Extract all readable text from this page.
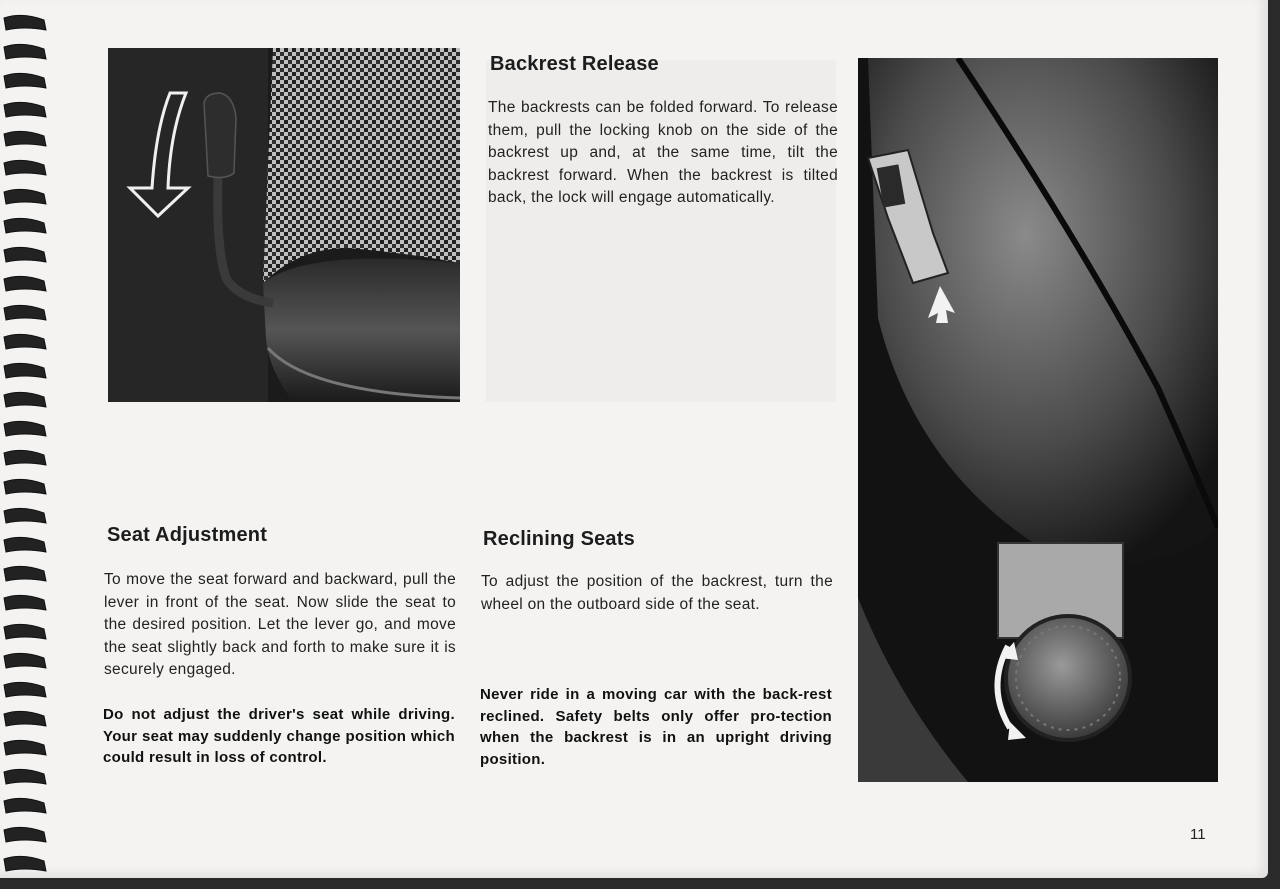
Backrest Release

The backrests can be folded forward. To release them, pull the locking knob on the side of the backrest up and, at the same time, tilt the backrest forward. When the backrest is tilted back, the lock will engage automatically.

Seat Adjustment

To move the seat forward and backward, pull the lever in front of the seat. Now slide the seat to the desired position. Let the lever go, and move the seat slightly back and forth to make sure it is securely engaged.

Do not adjust the driver's seat while driving. Your seat may suddenly change position which could result in loss of control.

Reclining Seats

To adjust the position of the backrest, turn the wheel on the outboard side of the seat.

Never ride in a moving car with the back-rest reclined. Safety belts only offer pro-tection when the backrest is in an upright driving position.

11
